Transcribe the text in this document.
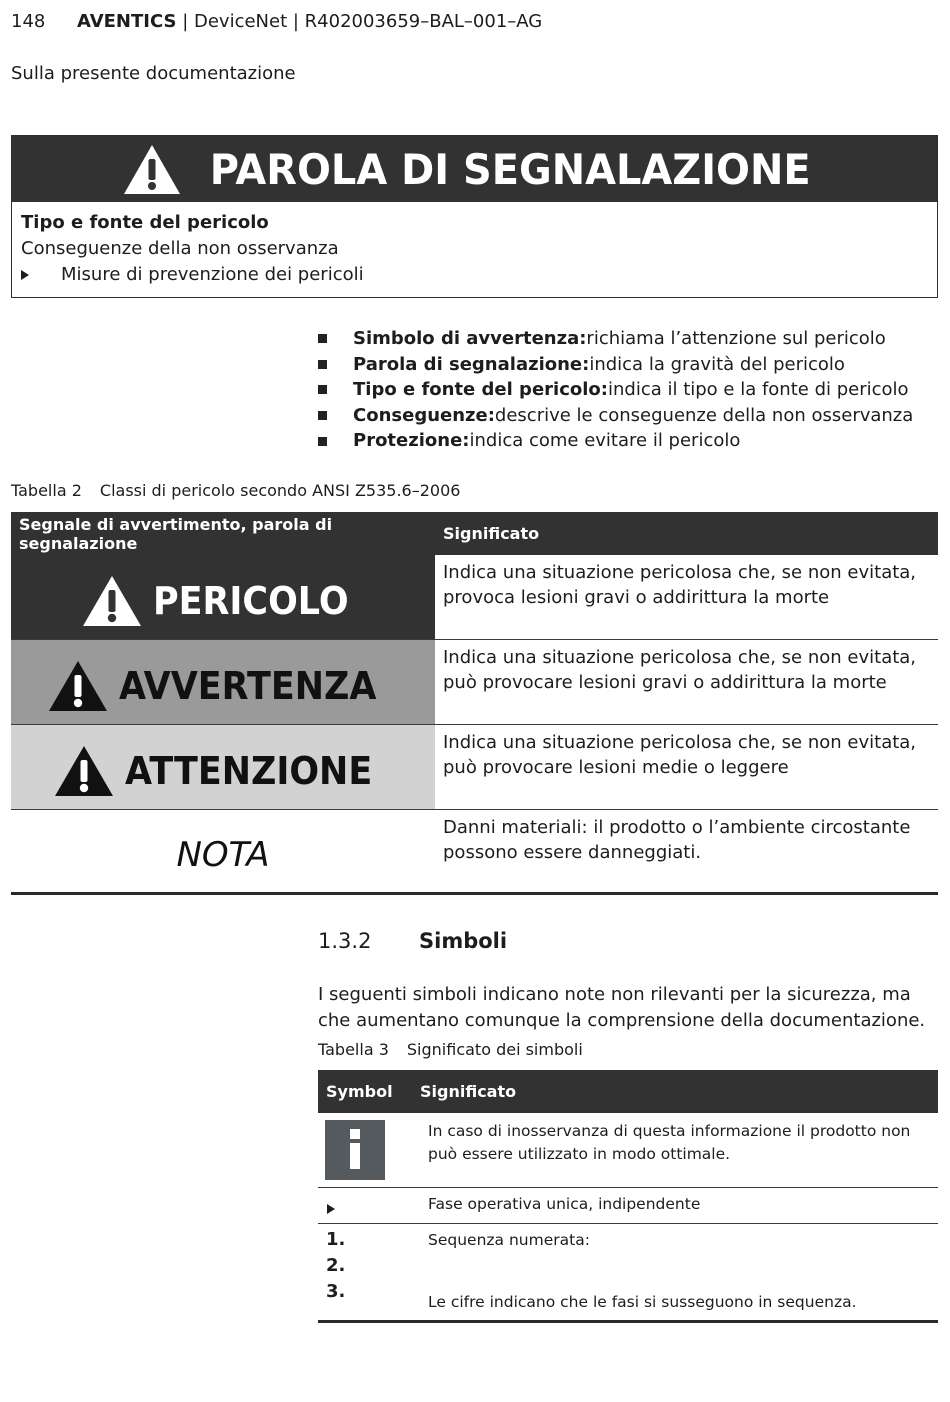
148 AVENTICS | DeviceNet | R402003659–BAL–001–AG
Sulla presente documentazione
PAROLA DI SEGNALAZIONE
Tipo e fonte del pericolo
Conseguenze della non osservanza
Misure di prevenzione dei pericoli
Simbolo di avvertenza: richiama l’attenzione sul pericolo
Parola di segnalazione: indica la gravità del pericolo
Tipo e fonte del pericolo: indica il tipo e la fonte di pericolo
Conseguenze: descrive le conseguenze della non osservanza
Protezione: indica come evitare il pericolo
Tabella 2 Classi di pericolo secondo ANSI Z535.6–2006
Segnale di avvertimento, parola di segnalazione	Significato
PERICOLO
Indica una situazione pericolosa che, se non evitata, provoca lesioni gravi o addirittura la morte
AVVERTENZA
Indica una situazione pericolosa che, se non evitata, può provocare lesioni gravi o addirittura la morte
ATTENZIONE
Indica una situazione pericolosa che, se non evitata, può provocare lesioni medie o leggere
NOTA
Danni materiali: il prodotto o l’ambiente circostante possono essere danneggiati.
1.3.2 Simboli
I seguenti simboli indicano note non rilevanti per la sicurezza, ma che aumentano comunque la comprensione della documentazione.
Tabella 3 Significato dei simboli
Symbol	Significato
In caso di inosservanza di questa informazione il prodotto non può essere utilizzato in modo ottimale.
Fase operativa unica, indipendente
1.
2.
3.
Sequenza numerata:
Le cifre indicano che le fasi si susseguono in sequenza.
